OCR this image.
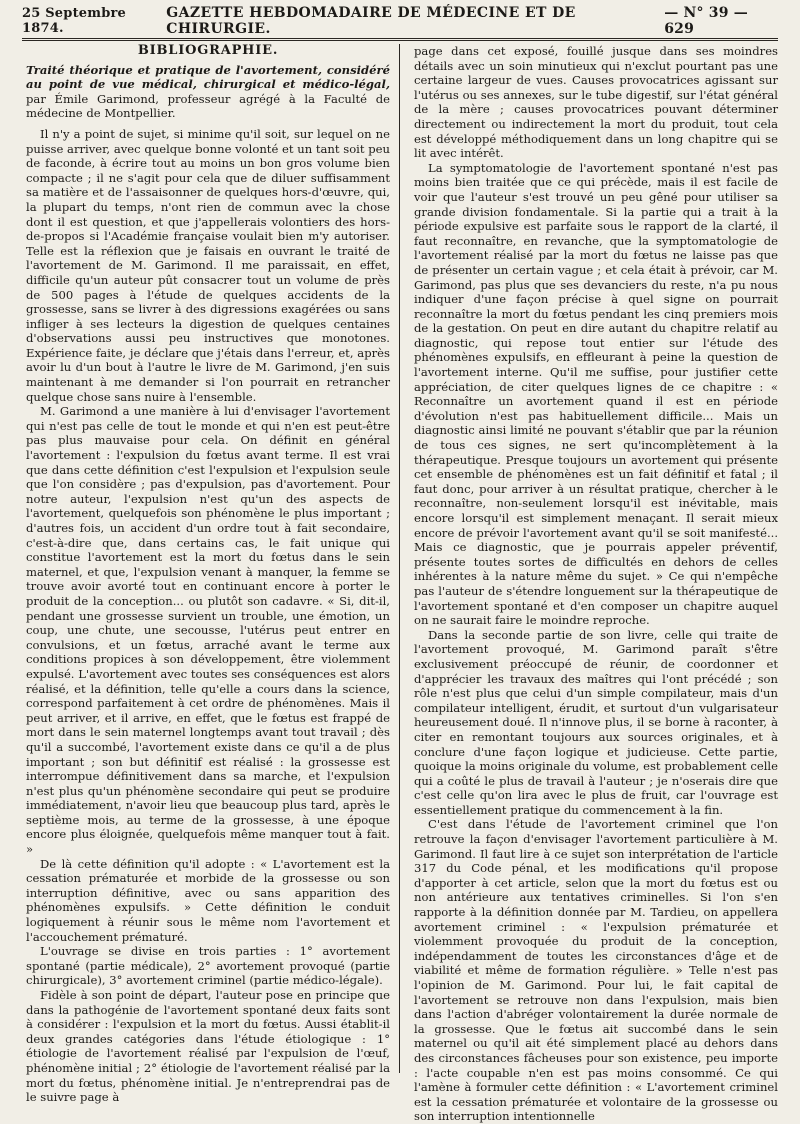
25 Septembre 1874.
GAZETTE HEBDOMADAIRE DE MÉDECINE ET DE CHIRURGIE.
— N° 39 — 629
BIBLIOGRAPHIE.

Traité théorique et pratique de l'avortement, considéré au point de vue médical, chirurgical et médico-légal, par Émile Garimond, professeur agrégé à la Faculté de médecine de Montpellier.

Il n'y a point de sujet, si minime qu'il soit, sur lequel on ne puisse arriver, avec quelque bonne volonté et un tant soit peu de faconde, à écrire tout au moins un bon gros volume bien compacte ; il ne s'agit pour cela que de diluer suffisamment sa matière et de l'assaisonner de quelques hors-d'œuvre, qui, la plupart du temps, n'ont rien de commun avec la chose dont il est question, et que j'appellerais volontiers des hors-de-propos si l'Académie française voulait bien m'y autoriser. Telle est la réflexion que je faisais en ouvrant le traité de l'avortement de M. Garimond. Il me paraissait, en effet, difficile qu'un auteur pût consacrer tout un volume de près de 500 pages à l'étude de quelques accidents de la grossesse, sans se livrer à des digressions exagérées ou sans infliger à ses lecteurs la digestion de quelques centaines d'observations aussi peu instructives que monotones. Expérience faite, je déclare que j'étais dans l'erreur, et, après avoir lu d'un bout à l'autre le livre de M. Garimond, j'en suis maintenant à me demander si l'on pourrait en retrancher quelque chose sans nuire à l'ensemble.

M. Garimond a une manière à lui d'envisager l'avortement qui n'est pas celle de tout le monde et qui n'en est peut-être pas plus mauvaise pour cela. On définit en général l'avortement : l'expulsion du fœtus avant terme. Il est vrai que dans cette définition c'est l'expulsion et l'expulsion seule que l'on considère ; pas d'expulsion, pas d'avortement. Pour notre auteur, l'expulsion n'est qu'un des aspects de l'avortement, quelquefois son phénomène le plus important ; d'autres fois, un accident d'un ordre tout à fait secondaire, c'est-à-dire que, dans certains cas, le fait unique qui constitue l'avortement est la mort du fœtus dans le sein maternel, et que, l'expulsion venant à manquer, la femme se trouve avoir avorté tout en continuant encore à porter le produit de la conception... ou plutôt son cadavre. « Si, dit-il, pendant une grossesse survient un trouble, une émotion, un coup, une chute, une secousse, l'utérus peut entrer en convulsions, et un fœtus, arraché avant le terme aux conditions propices à son développement, être violemment expulsé. L'avortement avec toutes ses conséquences est alors réalisé, et la définition, telle qu'elle a cours dans la science, correspond parfaitement à cet ordre de phénomènes. Mais il peut arriver, et il arrive, en effet, que le fœtus est frappé de mort dans le sein maternel longtemps avant tout travail ; dès qu'il a succombé, l'avortement existe dans ce qu'il a de plus important ; son but définitif est réalisé : la grossesse est interrompue définitivement dans sa marche, et l'expulsion n'est plus qu'un phénomène secondaire qui peut se produire immédiatement, n'avoir lieu que beaucoup plus tard, après le septième mois, au terme de la grossesse, à une époque encore plus éloignée, quelquefois même manquer tout à fait. »

De là cette définition qu'il adopte : « L'avortement est la cessation prématurée et morbide de la grossesse ou son interruption définitive, avec ou sans apparition des phénomènes expulsifs. » Cette définition le conduit logiquement à réunir sous le même nom l'avortement et l'accouchement prématuré.

L'ouvrage se divise en trois parties : 1° avortement spontané (partie médicale), 2° avortement provoqué (partie chirurgicale), 3° avortement criminel (partie médico-légale).

Fidèle à son point de départ, l'auteur pose en principe que dans la pathogénie de l'avortement spontané deux faits sont à considérer : l'expulsion et la mort du fœtus. Aussi établit-il deux grandes catégories dans l'étude étiologique : 1° étiologie de l'avortement réalisé par l'expulsion de l'œuf, phénomène initial ; 2° étiologie de l'avortement réalisé par la mort du fœtus, phénomène initial. Je n'entreprendrai pas de le suivre page à

page dans cet exposé, fouillé jusque dans ses moindres détails avec un soin minutieux qui n'exclut pourtant pas une certaine largeur de vues. Causes provocatrices agissant sur l'utérus ou ses annexes, sur le tube digestif, sur l'état général de la mère ; causes provocatrices pouvant déterminer directement ou indirectement la mort du produit, tout cela est développé méthodiquement dans un long chapitre qui se lit avec intérêt.

La symptomatologie de l'avortement spontané n'est pas moins bien traitée que ce qui précède, mais il est facile de voir que l'auteur s'est trouvé un peu gêné pour utiliser sa grande division fondamentale. Si la partie qui a trait à la période expulsive est parfaite sous le rapport de la clarté, il faut reconnaître, en revanche, que la symptomatologie de l'avortement réalisé par la mort du fœtus ne laisse pas que de présenter un certain vague ; et cela était à prévoir, car M. Garimond, pas plus que ses devanciers du reste, n'a pu nous indiquer d'une façon précise à quel signe on pourrait reconnaître la mort du fœtus pendant les cinq premiers mois de la gestation. On peut en dire autant du chapitre relatif au diagnostic, qui repose tout entier sur l'étude des phénomènes expulsifs, en effleurant à peine la question de l'avortement interne. Qu'il me suffise, pour justifier cette appréciation, de citer quelques lignes de ce chapitre : « Reconnaître un avortement quand il est en période d'évolution n'est pas habituellement difficile... Mais un diagnostic ainsi limité ne pouvant s'établir que par la réunion de tous ces signes, ne sert qu'incomplètement à la thérapeutique. Presque toujours un avortement qui présente cet ensemble de phénomènes est un fait définitif et fatal ; il faut donc, pour arriver à un résultat pratique, chercher à le reconnaître, non-seulement lorsqu'il est inévitable, mais encore lorsqu'il est simplement menaçant. Il serait mieux encore de prévoir l'avortement avant qu'il se soit manifesté... Mais ce diagnostic, que je pourrais appeler préventif, présente toutes sortes de difficultés en dehors de celles inhérentes à la nature même du sujet. » Ce qui n'empêche pas l'auteur de s'étendre longuement sur la thérapeutique de l'avortement spontané et d'en composer un chapitre auquel on ne saurait faire le moindre reproche.

Dans la seconde partie de son livre, celle qui traite de l'avortement provoqué, M. Garimond paraît s'être exclusivement préoccupé de réunir, de coordonner et d'apprécier les travaux des maîtres qui l'ont précédé ; son rôle n'est plus que celui d'un simple compilateur, mais d'un compilateur intelligent, érudit, et surtout d'un vulgarisateur heureusement doué. Il n'innove plus, il se borne à raconter, à citer en remontant toujours aux sources originales, et à conclure d'une façon logique et judicieuse. Cette partie, quoique la moins originale du volume, est probablement celle qui a coûté le plus de travail à l'auteur ; je n'oserais dire que c'est celle qu'on lira avec le plus de fruit, car l'ouvrage est essentiellement pratique du commencement à la fin.

C'est dans l'étude de l'avortement criminel que l'on retrouve la façon d'envisager l'avortement particulière à M. Garimond. Il faut lire à ce sujet son interprétation de l'article 317 du Code pénal, et les modifications qu'il propose d'apporter à cet article, selon que la mort du fœtus est ou non antérieure aux tentatives criminelles. Si l'on s'en rapporte à la définition donnée par M. Tardieu, on appellera avortement criminel : « l'expulsion prématurée et violemment provoquée du produit de la conception, indépendamment de toutes les circonstances d'âge et de viabilité et même de formation régulière. » Telle n'est pas l'opinion de M. Garimond. Pour lui, le fait capital de l'avortement se retrouve non dans l'expulsion, mais bien dans l'action d'abréger volontairement la durée normale de la grossesse. Que le fœtus ait succombé dans le sein maternel ou qu'il ait été simplement placé au dehors dans des circonstances fâcheuses pour son existence, peu importe : l'acte coupable n'en est pas moins consommé. Ce qui l'amène à formuler cette définition : « L'avortement criminel est la cessation prématurée et volontaire de la grossesse ou son interruption intentionnelle
